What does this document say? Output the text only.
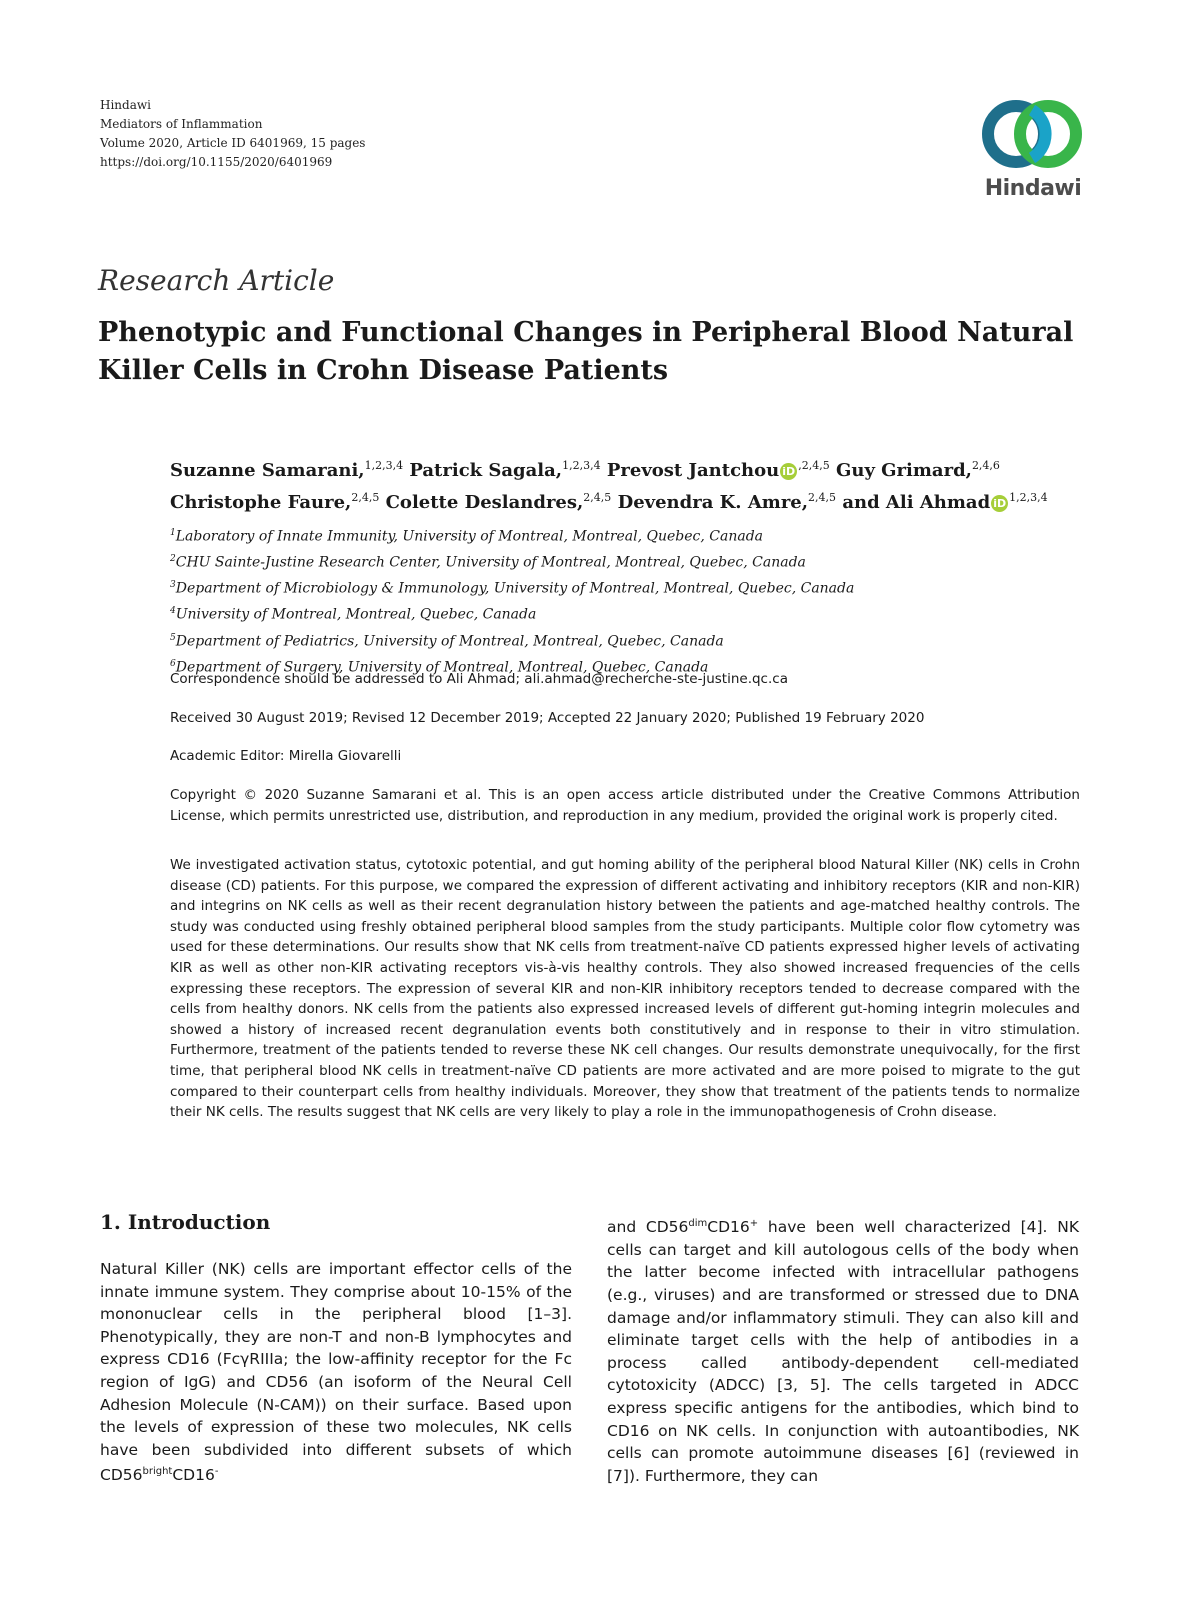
Hindawi
Mediators of Inflammation
Volume 2020, Article ID 6401969, 15 pages
https://doi.org/10.1155/2020/6401969
Hindawi
Research Article
Phenotypic and Functional Changes in Peripheral Blood Natural Killer Cells in Crohn Disease Patients
Suzanne Samarani,$^{1,2,3,4}$ Patrick Sagala,$^{1,2,3,4}$ Prevost Jantchou iD $^{,2,4,5}$ Guy Grimard,$^{2,4,6}$
Christophe Faure,$^{2,4,5}$ Colette Deslandres,$^{2,4,5}$ Devendra K. Amre,$^{2,4,5}$ and Ali Ahmad iD $^{1,2,3,4}$
$^1$Laboratory of Innate Immunity, University of Montreal, Montreal, Quebec, Canada
$^2$CHU Sainte-Justine Research Center, University of Montreal, Montreal, Quebec, Canada
$^3$Department of Microbiology & Immunology, University of Montreal, Montreal, Quebec, Canada
$^4$University of Montreal, Montreal, Quebec, Canada
$^5$Department of Pediatrics, University of Montreal, Montreal, Quebec, Canada
$^6$Department of Surgery, University of Montreal, Montreal, Quebec, Canada
Correspondence should be addressed to Ali Ahmad; ali.ahmad@recherche-ste-justine.qc.ca
Received 30 August 2019; Revised 12 December 2019; Accepted 22 January 2020; Published 19 February 2020
Academic Editor: Mirella Giovarelli
Copyright © 2020 Suzanne Samarani et al. This is an open access article distributed under the Creative Commons Attribution License, which permits unrestricted use, distribution, and reproduction in any medium, provided the original work is properly cited.
We investigated activation status, cytotoxic potential, and gut homing ability of the peripheral blood Natural Killer (NK) cells in Crohn disease (CD) patients. For this purpose, we compared the expression of different activating and inhibitory receptors (KIR and non-KIR) and integrins on NK cells as well as their recent degranulation history between the patients and age-matched healthy controls. The study was conducted using freshly obtained peripheral blood samples from the study participants. Multiple color flow cytometry was used for these determinations. Our results show that NK cells from treatment-naïve CD patients expressed higher levels of activating KIR as well as other non-KIR activating receptors vis-à-vis healthy controls. They also showed increased frequencies of the cells expressing these receptors. The expression of several KIR and non-KIR inhibitory receptors tended to decrease compared with the cells from healthy donors. NK cells from the patients also expressed increased levels of different gut-homing integrin molecules and showed a history of increased recent degranulation events both constitutively and in response to their in vitro stimulation. Furthermore, treatment of the patients tended to reverse these NK cell changes. Our results demonstrate unequivocally, for the first time, that peripheral blood NK cells in treatment-naïve CD patients are more activated and are more poised to migrate to the gut compared to their counterpart cells from healthy individuals. Moreover, they show that treatment of the patients tends to normalize their NK cells. The results suggest that NK cells are very likely to play a role in the immunopathogenesis of Crohn disease.
1. Introduction
Natural Killer (NK) cells are important effector cells of the innate immune system. They comprise about 10-15% of the mononuclear cells in the peripheral blood [1–3]. Phenotypically, they are non-T and non-B lymphocytes and express CD16 (FcγRIIIa; the low-affinity receptor for the Fc region of IgG) and CD56 (an isoform of the Neural Cell Adhesion Molecule (N-CAM)) on their surface. Based upon the levels of expression of these two molecules, NK cells have been subdivided into different subsets of which $CD56^{bright}CD16^-$
and $CD56^{dim}CD16^+$ have been well characterized [4]. NK cells can target and kill autologous cells of the body when the latter become infected with intracellular pathogens (e.g., viruses) and are transformed or stressed due to DNA damage and/or inflammatory stimuli. They can also kill and eliminate target cells with the help of antibodies in a process called antibody-dependent cell-mediated cytotoxicity (ADCC) [3, 5]. The cells targeted in ADCC express specific antigens for the antibodies, which bind to CD16 on NK cells. In conjunction with autoantibodies, NK cells can promote autoimmune diseases [6] (reviewed in [7]). Furthermore, they can
